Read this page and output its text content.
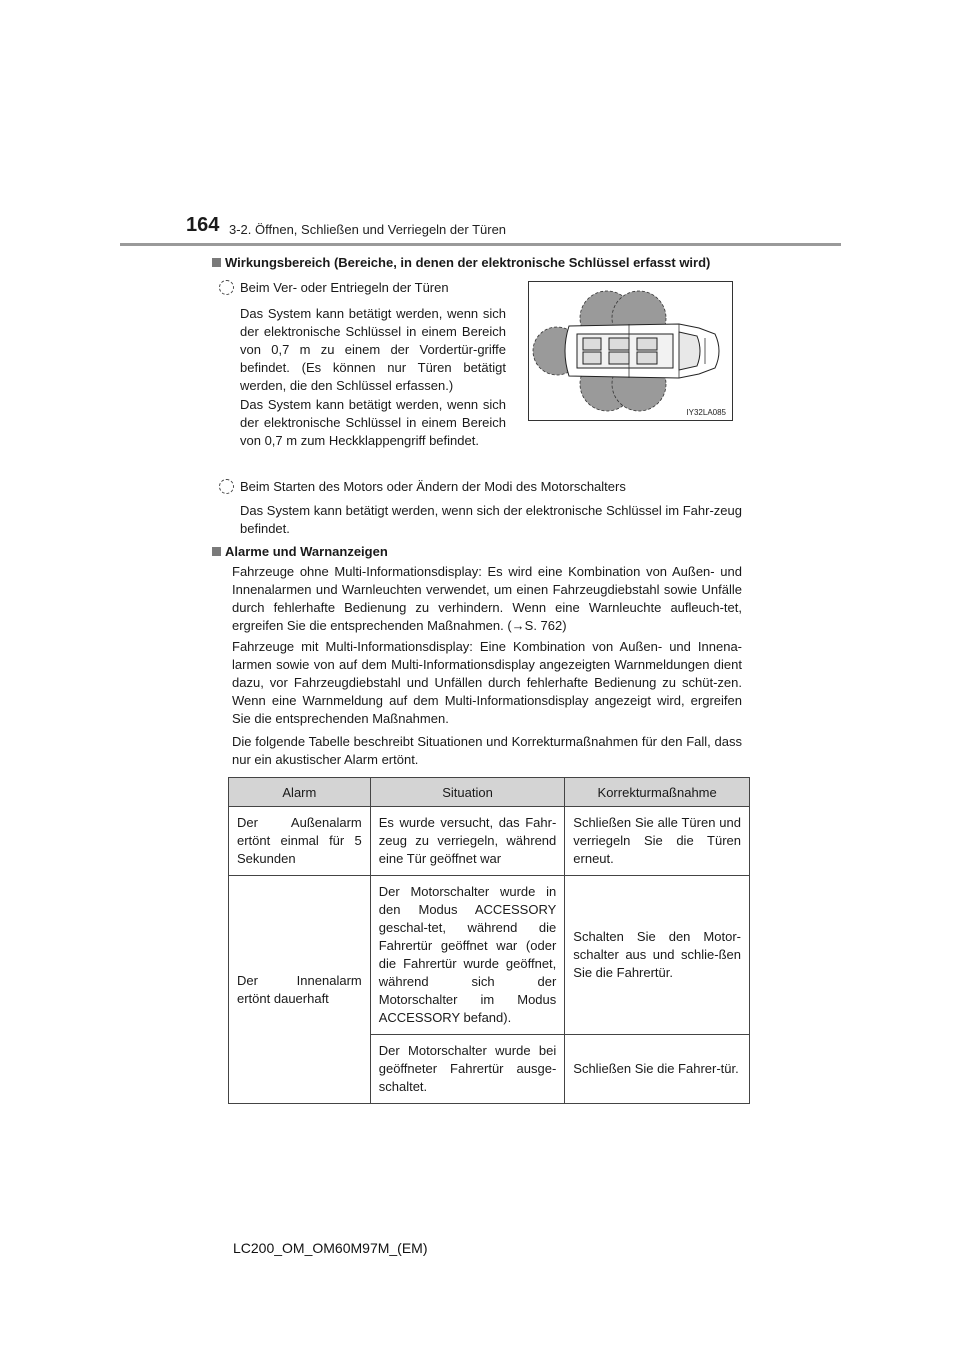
164 3-2. Öffnen, Schließen und Verriegeln der Türen
Wirkungsbereich (Bereiche, in denen der elektronische Schlüssel erfasst wird)
Beim Ver- oder Entriegeln der Türen
Das System kann betätigt werden, wenn sich der elektronische Schlüssel in einem Bereich von 0,7 m zu einem der Vordertür-griffe befindet. (Es können nur Türen betätigt werden, die den Schlüssel erfassen.)
Das System kann betätigt werden, wenn sich der elektronische Schlüssel in einem Bereich von 0,7 m zum Heckklappengriff befindet.
IY32LA085
Beim Starten des Motors oder Ändern der Modi des Motorschalters
Das System kann betätigt werden, wenn sich der elektronische Schlüssel im Fahr-zeug befindet.
Alarme und Warnanzeigen
Fahrzeuge ohne Multi-Informationsdisplay: Es wird eine Kombination von Außen- und Innenalarmen und Warnleuchten verwendet, um einen Fahrzeugdiebstahl sowie Unfälle durch fehlerhafte Bedienung zu verhindern. Wenn eine Warnleuchte aufleuch-tet, ergreifen Sie die entsprechenden Maßnahmen. (→S. 762)
Fahrzeuge mit Multi-Informationsdisplay: Eine Kombination von Außen- und Innena-larmen sowie von auf dem Multi-Informationsdisplay angezeigten Warnmeldungen dient dazu, vor Fahrzeugdiebstahl und Unfällen durch fehlerhafte Bedienung zu schüt-zen. Wenn eine Warnmeldung auf dem Multi-Informationsdisplay angezeigt wird, ergreifen Sie die entsprechenden Maßnahmen.
Die folgende Tabelle beschreibt Situationen und Korrekturmaßnahmen für den Fall, dass nur ein akustischer Alarm ertönt.
Alarm	Situation	Korrekturmaßnahme
Der Außenalarm ertönt einmal für 5 Sekunden	Es wurde versucht, das Fahr-zeug zu verriegeln, während eine Tür geöffnet war	Schließen Sie alle Türen und verriegeln Sie die Türen erneut.
Der Innenalarm ertönt dauerhaft	Der Motorschalter wurde in den Modus ACCESSORY geschal-tet, während die Fahrertür geöffnet war (oder die Fahrertür wurde geöffnet, während sich der Motorschalter im Modus ACCESSORY befand).	Schalten Sie den Motor-schalter aus und schlie-ßen Sie die Fahrertür.
	Der Motorschalter wurde bei geöffneter Fahrertür ausge-schaltet.	Schließen Sie die Fahrer-tür.
LC200_OM_OM60M97M_(EM)
